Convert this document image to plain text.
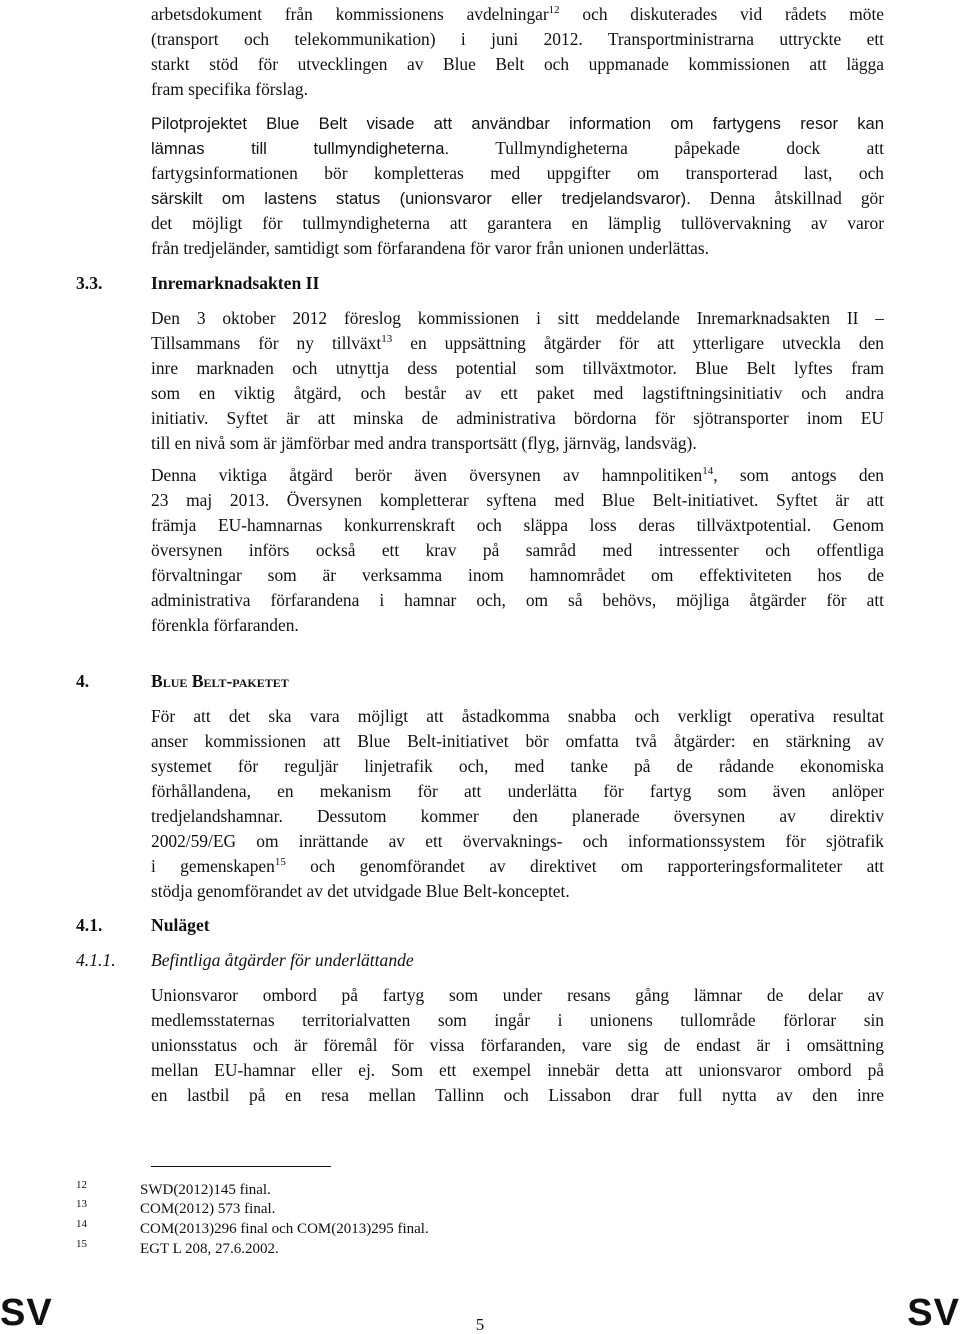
arbetsdokument från kommissionens avdelningar$^{12}$ och diskuterades vid rådets möte
(transport och telekommunikation) i juni 2012. Transportministrarna uttryckte ett
starkt stöd för utvecklingen av Blue Belt och uppmanade kommissionen att lägga
fram specifika förslag.
Pilotprojektet Blue Belt visade att användbar information om fartygens resor kan
lämnas till tullmyndigheterna. Tullmyndigheterna påpekade dock att
fartygsinformationen bör kompletteras med uppgifter om transporterad last, och
särskilt om lastens status (unionsvaror eller tredjelandsvaror). Denna åtskillnad gör
det möjligt för tullmyndigheterna att garantera en lämplig tullövervakning av varor
från tredjeländer, samtidigt som förfarandena för varor från unionen underlättas.
3.3.	Inremarknadsakten II
Den 3 oktober 2012 föreslog kommissionen i sitt meddelande Inremarknadsakten II –
Tillsammans för ny tillväxt$^{13}$ en uppsättning åtgärder för att ytterligare utveckla den
inre marknaden och utnyttja dess potential som tillväxtmotor. Blue Belt lyftes fram
som en viktig åtgärd, och består av ett paket med lagstiftningsinitiativ och andra
initiativ. Syftet är att minska de administrativa bördorna för sjötransporter inom EU
till en nivå som är jämförbar med andra transportsätt (flyg, järnväg, landsväg).
Denna viktiga åtgärd berör även översynen av hamnpolitiken$^{14}$, som antogs den
23 maj 2013. Översynen kompletterar syftena med Blue Belt-initiativet. Syftet är att
främja EU-hamnarnas konkurrenskraft och släppa loss deras tillväxtpotential. Genom
översynen införs också ett krav på samråd med intressenter och offentliga
förvaltningar som är verksamma inom hamnområdet om effektiviteten hos de
administrativa förfarandena i hamnar och, om så behövs, möjliga åtgärder för att
förenkla förfaranden.
4.	Blue Belt-paketet
För att det ska vara möjligt att åstadkomma snabba och verkligt operativa resultat
anser kommissionen att Blue Belt-initiativet bör omfatta två åtgärder: en stärkning av
systemet för reguljär linjetrafik och, med tanke på de rådande ekonomiska
förhållandena, en mekanism för att underlätta för fartyg som även anlöper
tredjelandshamnar. Dessutom kommer den planerade översynen av direktiv
2002/59/EG om inrättande av ett övervaknings- och informationssystem för sjötrafik
i gemenskapen$^{15}$ och genomförandet av direktivet om rapporteringsformaliteter att
stödja genomförandet av det utvidgade Blue Belt-konceptet.
4.1.	Nuläget
4.1.1. Befintliga åtgärder för underlättande
Unionsvaror ombord på fartyg som under resans gång lämnar de delar av
medlemsstaternas territorialvatten som ingår i unionens tullområde förlorar sin
unionsstatus och är föremål för vissa förfaranden, vare sig de endast är i omsättning
mellan EU-hamnar eller ej. Som ett exempel innebär detta att unionsvaror ombord på
en lastbil på en resa mellan Tallinn och Lissabon drar full nytta av den inre
12	SWD(2012)145 final.
13	COM(2012) 573 final.
14	COM(2013)296 final och COM(2013)295 final.
15	EGT L 208, 27.6.2002.
SV	5	SV
